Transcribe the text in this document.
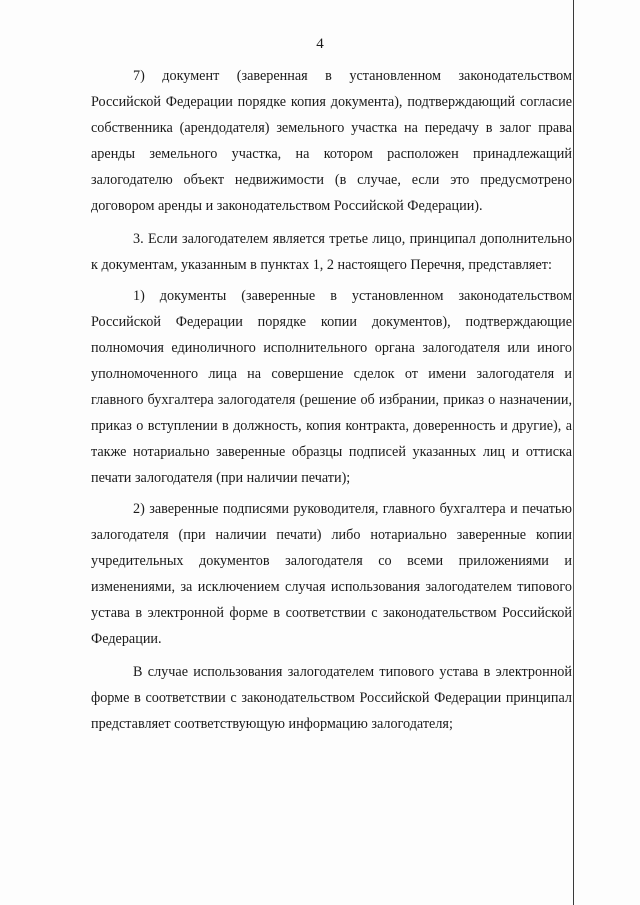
4

7) документ (заверенная в установленном законодательством Российской Федерации порядке копия документа), подтверждающий согласие собственника (арендодателя) земельного участка на передачу в залог права аренды земельного участка, на котором расположен принадлежащий залогодателю объект недвижимости (в случае, если это предусмотрено договором аренды и законодательством Российской Федерации).

3. Если залогодателем является третье лицо, принципал дополнительно к документам, указанным в пунктах 1, 2 настоящего Перечня, представляет:

1) документы (заверенные в установленном законодательством Российской Федерации порядке копии документов), подтверждающие полномочия единоличного исполнительного органа залогодателя или иного уполномоченного лица на совершение сделок от имени залогодателя и главного бухгалтера залогодателя (решение об избрании, приказ о назначении, приказ о вступлении в должность, копия контракта, доверенность и другие), а также нотариально заверенные образцы подписей указанных лиц и оттиска печати залогодателя (при наличии печати);

2) заверенные подписями руководителя, главного бухгалтера и печатью залогодателя (при наличии печати) либо нотариально заверенные копии учредительных документов залогодателя со всеми приложениями и изменениями, за исключением случая использования залогодателем типового устава в электронной форме в соответствии с законодательством Российской Федерации.

В случае использования залогодателем типового устава в электронной форме в соответствии с законодательством Российской Федерации принципал представляет соответствующую информацию залогодателя;
